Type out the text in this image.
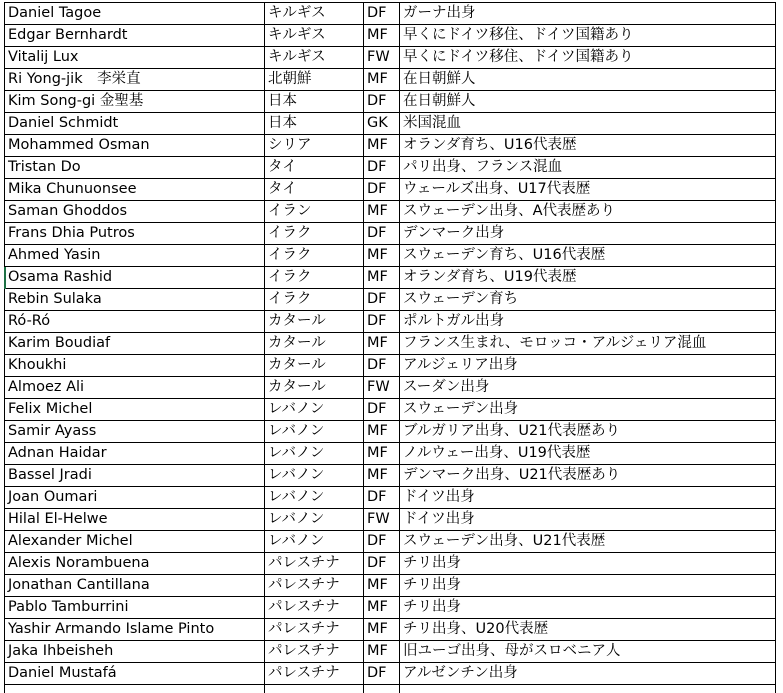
Daniel Tagoe	キルギス	DF	ガーナ出身
Edgar Bernhardt	キルギス	MF	早くにドイツ移住、ドイツ国籍あり
Vitalij Lux	キルギス	FW	早くにドイツ移住、ドイツ国籍あり
Ri Yong-jik　李栄直	北朝鮮	MF	在日朝鮮人
Kim Song-gi 金聖基	日本	DF	在日朝鮮人
Daniel Schmidt	日本	GK	米国混血
Mohammed Osman	シリア	MF	オランダ育ち、U16代表歴
Tristan Do	タイ	DF	パリ出身、フランス混血
Mika Chunuonsee	タイ	DF	ウェールズ出身、U17代表歴
Saman Ghoddos	イラン	MF	スウェーデン出身、A代表歴あり
Frans Dhia Putros	イラク	DF	デンマーク出身
Ahmed Yasin	イラク	MF	スウェーデン育ち、U16代表歴
Osama Rashid	イラク	MF	オランダ育ち、U19代表歴
Rebin Sulaka	イラク	DF	スウェーデン育ち
Ró-Ró	カタール	DF	ポルトガル出身
Karim Boudiaf	カタール	MF	フランス生まれ、モロッコ・アルジェリア混血
Khoukhi	カタール	DF	アルジェリア出身
Almoez Ali	カタール	FW	スーダン出身
Felix Michel	レバノン	DF	スウェーデン出身
Samir Ayass	レバノン	MF	ブルガリア出身、U21代表歴あり
Adnan Haidar	レバノン	MF	ノルウェー出身、U19代表歴
Bassel Jradi	レバノン	MF	デンマーク出身、U21代表歴あり
Joan Oumari	レバノン	DF	ドイツ出身
Hilal El-Helwe	レバノン	FW	ドイツ出身
Alexander Michel	レバノン	DF	スウェーデン出身、U21代表歴
Alexis Norambuena	パレスチナ	DF	チリ出身
Jonathan Cantillana	パレスチナ	MF	チリ出身
Pablo Tamburrini	パレスチナ	MF	チリ出身
Yashir Armando Islame Pinto	パレスチナ	MF	チリ出身、U20代表歴
Jaka Ihbeisheh	パレスチナ	MF	旧ユーゴ出身、母がスロベニア人
Daniel Mustafá	パレスチナ	DF	アルゼンチン出身
